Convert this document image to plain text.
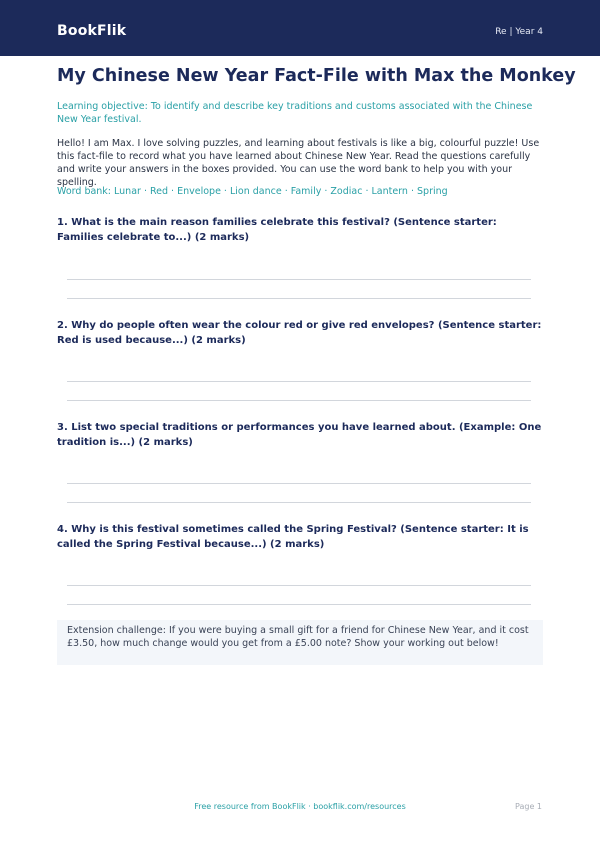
BookFlik	Re | Year 4
My Chinese New Year Fact-File with Max the Monkey
Learning objective: To identify and describe key traditions and customs associated with the Chinese New Year festival.
Hello! I am Max. I love solving puzzles, and learning about festivals is like a big, colourful puzzle! Use this fact-file to record what you have learned about Chinese New Year. Read the questions carefully and write your answers in the boxes provided. You can use the word bank to help you with your spelling.
Word bank: Lunar · Red · Envelope · Lion dance · Family · Zodiac · Lantern · Spring
1. What is the main reason families celebrate this festival? (Sentence starter: Families celebrate to...) (2 marks)
2. Why do people often wear the colour red or give red envelopes? (Sentence starter: Red is used because...) (2 marks)
3. List two special traditions or performances you have learned about. (Example: One tradition is...) (2 marks)
4. Why is this festival sometimes called the Spring Festival? (Sentence starter: It is called the Spring Festival because...) (2 marks)
Extension challenge: If you were buying a small gift for a friend for Chinese New Year, and it cost £3.50, how much change would you get from a £5.00 note? Show your working out below!
Free resource from BookFlik · bookflik.com/resources	Page 1
